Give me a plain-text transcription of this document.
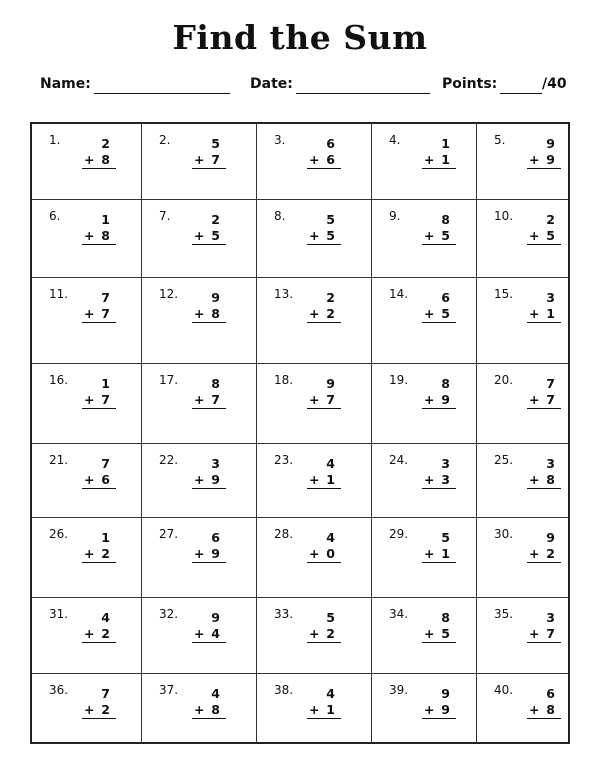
Find the Sum
Name:	Date:	Points:	/40
1.	2
+ 8
2.	5
+ 7
3.	6
+ 6
4.	1
+ 1
5.	9
+ 9
6.	1
+ 8
7.	2
+ 5
8.	5
+ 5
9.	8
+ 5
10.	2
+ 5
11.	7
+ 7
12.	9
+ 8
13.	2
+ 2
14.	6
+ 5
15.	3
+ 1
16.	1
+ 7
17.	8
+ 7
18.	9
+ 7
19.	8
+ 9
20.	7
+ 7
21.	7
+ 6
22.	3
+ 9
23.	4
+ 1
24.	3
+ 3
25.	3
+ 8
26.	1
+ 2
27.	6
+ 9
28.	4
+ 0
29.	5
+ 1
30.	9
+ 2
31.	4
+ 2
32.	9
+ 4
33.	5
+ 2
34.	8
+ 5
35.	3
+ 7
36.	7
+ 2
37.	4
+ 8
38.	4
+ 1
39.	9
+ 9
40.	6
+ 8
